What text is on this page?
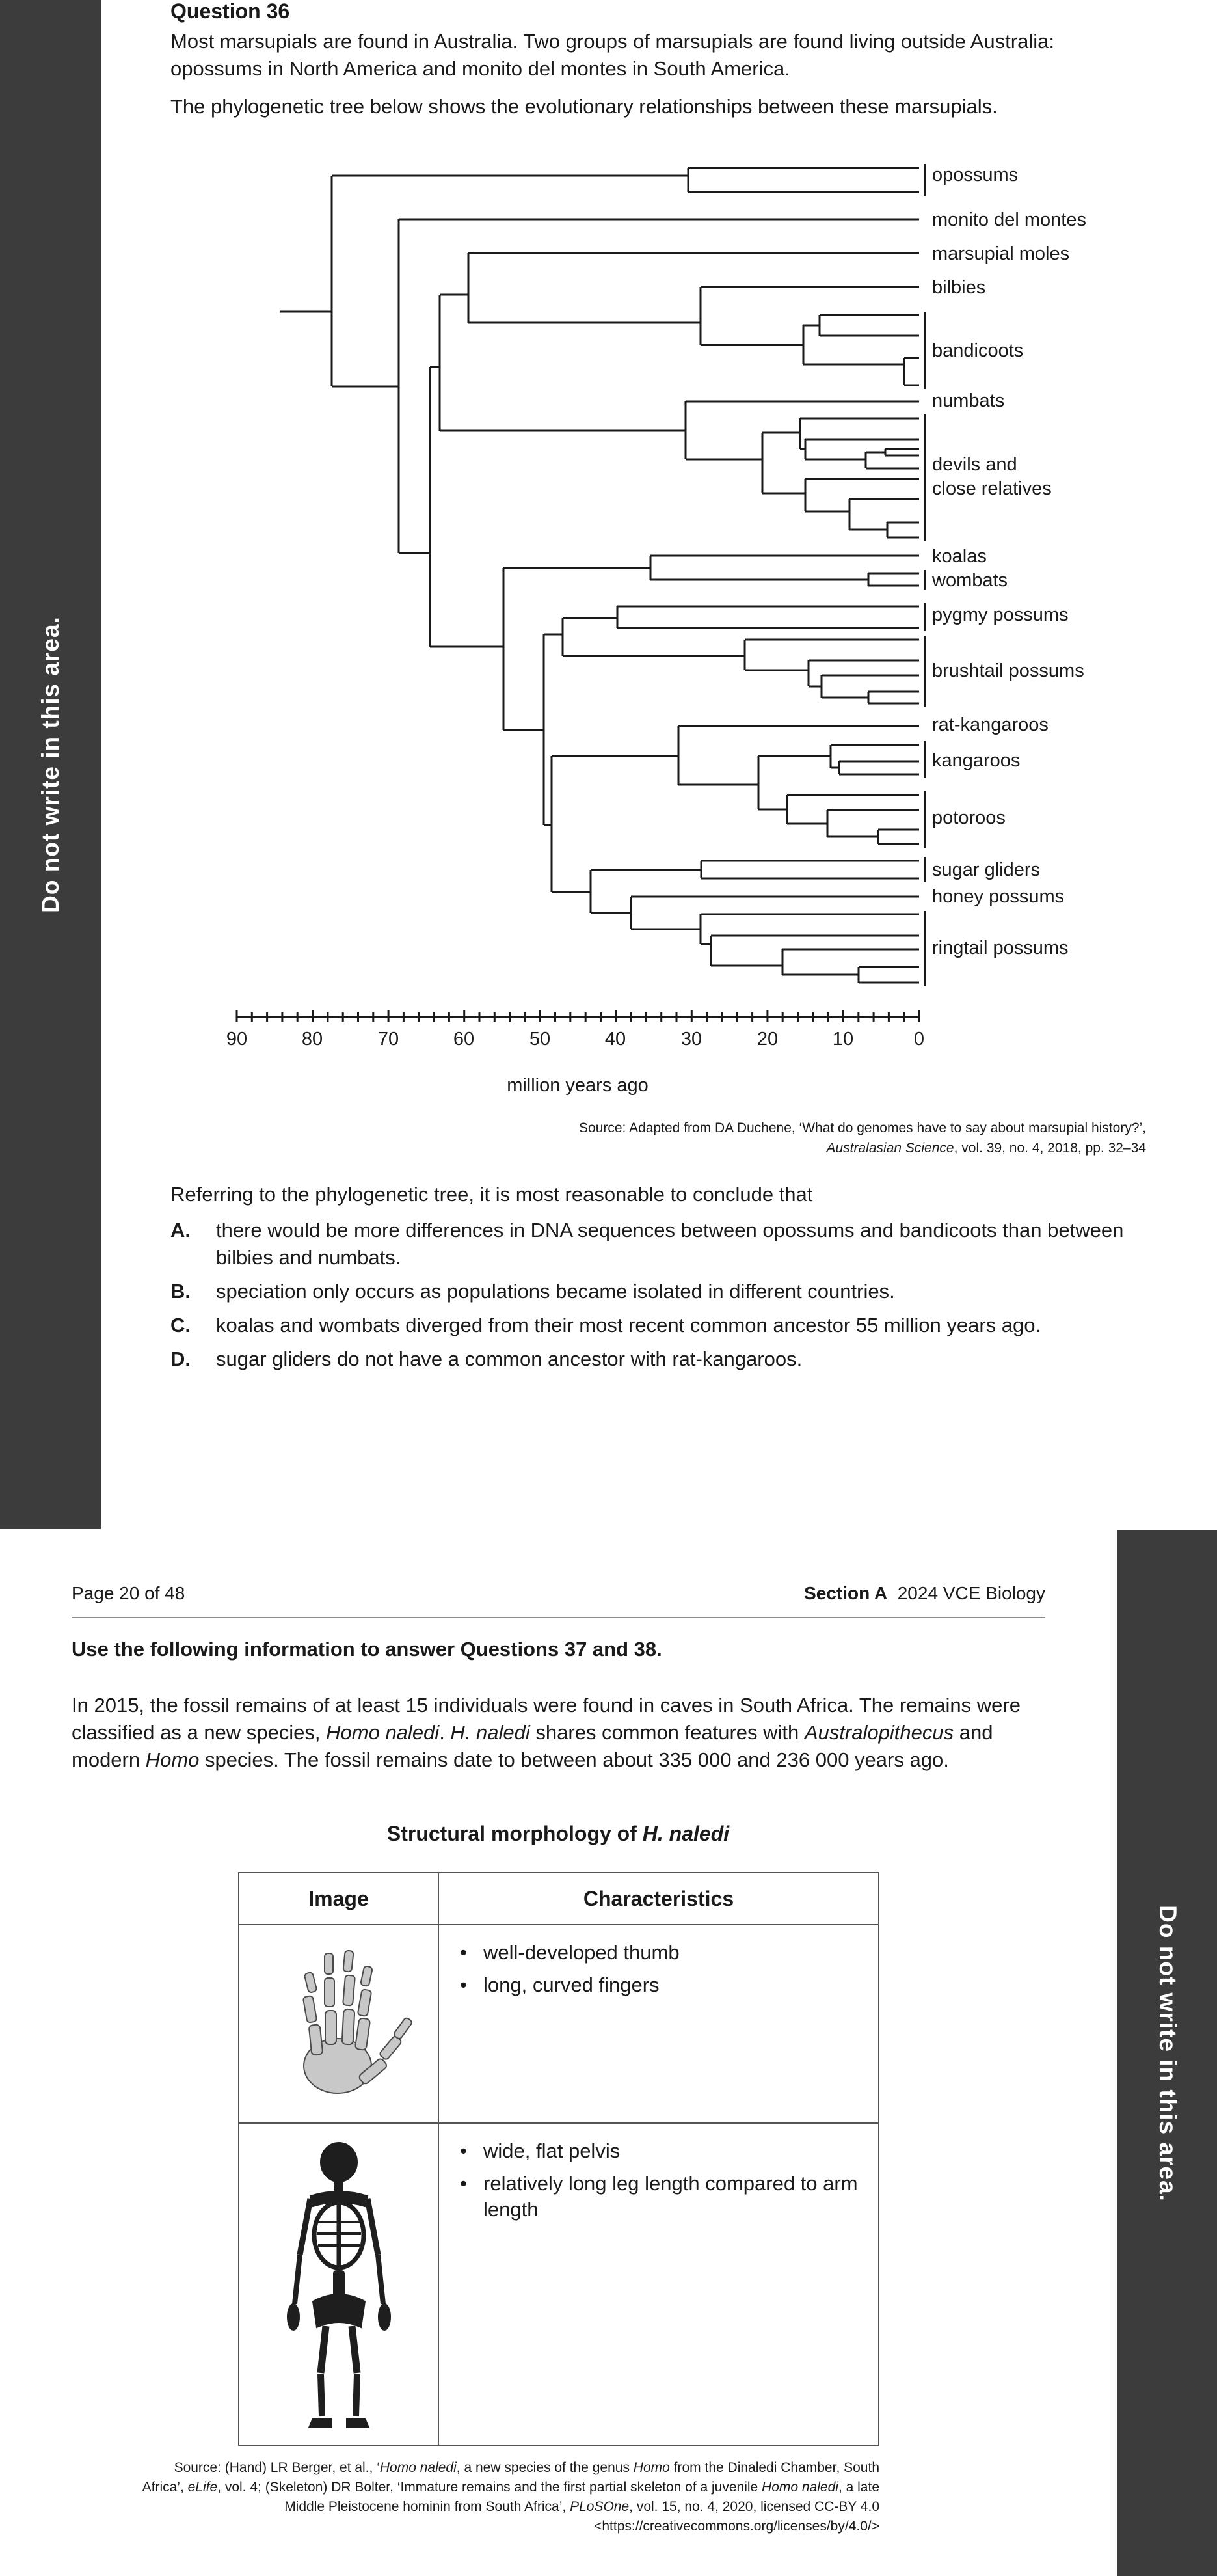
Do not write in this area.
Do not write in this area.

Question 36

Most marsupials are found in Australia. Two groups of marsupials are found living outside Australia: opossums in North America and monito del montes in South America.

The phylogenetic tree below shows the evolutionary relationships between these marsupials.

opossums
monito del montes
marsupial moles
bilbies
bandicoots
numbats
devils and
close relatives
koalas
wombats
pygmy possums
brushtail possums
rat-kangaroos
kangaroos
potoroos
sugar gliders
honey possums
ringtail possums
90	80	70	60	50	40	30	20	10	0
million years ago
Source: Adapted from DA Duchene, ‘What do genomes have to say about marsupial history?’,
Australasian Science, vol. 39, no. 4, 2018, pp. 32–34

Referring to the phylogenetic tree, it is most reasonable to conclude that

A.	there would be more differences in DNA sequences between opossums and bandicoots than between bilbies and numbats.
B.	speciation only occurs as populations became isolated in different countries.
C.	koalas and wombats diverged from their most recent common ancestor 55 million years ago.
D.	sugar gliders do not have a common ancestor with rat-kangaroos.
Page 20 of 48	Section A 2024 VCE Biology

Use the following information to answer Questions 37 and 38.

In 2015, the fossil remains of at least 15 individuals were found in caves in South Africa. The remains were classified as a new species, Homo naledi. H. naledi shares common features with Australopithecus and modern Homo species. The fossil remains date to between about 335 000 and 236 000 years ago.

Structural morphology of H. naledi
Image	Characteristics

• well-developed thumb
• long, curved fingers

• wide, flat pelvis
• relatively long leg length compared to arm length
Source: (Hand) LR Berger, et al., ‘Homo naledi, a new species of the genus Homo from the Dinaledi Chamber, South Africa’, eLife, vol. 4; (Skeleton) DR Bolter, ‘Immature remains and the first partial skeleton of a juvenile Homo naledi, a late Middle Pleistocene hominin from South Africa’, PLoSOne, vol. 15, no. 4, 2020, licensed CC-BY 4.0 <https://creativecommons.org/licenses/by/4.0/>
